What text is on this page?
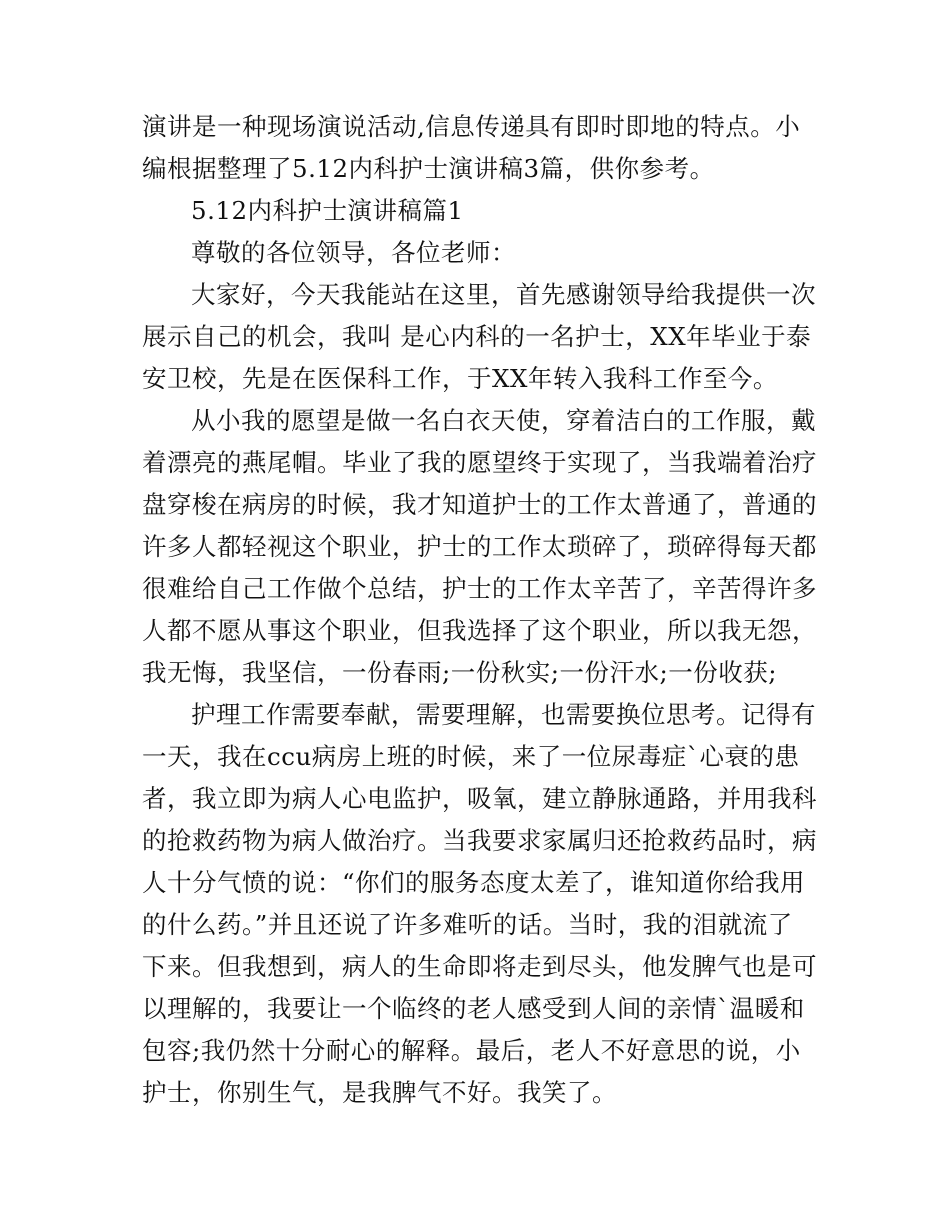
演讲是一种现场演说活动,信息传递具有即时即地的特点。小
编根据整理了5.12内科护士演讲稿3篇，供你参考。

5.12内科护士演讲稿篇1

尊敬的各位领导，各位老师：

大家好，今天我能站在这里，首先感谢领导给我提供一次
展示自己的机会，我叫 是心内科的一名护士，XX年毕业于泰
安卫校，先是在医保科工作，于XX年转入我科工作至今。

从小我的愿望是做一名白衣天使，穿着洁白的工作服，戴
着漂亮的燕尾帽。毕业了我的愿望终于实现了，当我端着治疗
盘穿梭在病房的时候，我才知道护士的工作太普通了，普通的
许多人都轻视这个职业，护士的工作太琐碎了，琐碎得每天都
很难给自己工作做个总结，护士的工作太辛苦了，辛苦得许多
人都不愿从事这个职业，但我选择了这个职业，所以我无怨，
我无悔，我坚信，一份春雨;一份秋实;一份汗水;一份收获;

护理工作需要奉献，需要理解，也需要换位思考。记得有
一天，我在ccu病房上班的时候，来了一位尿毒症`心衰的患
者，我立即为病人心电监护，吸氧，建立静脉通路，并用我科
的抢救药物为病人做治疗。当我要求家属归还抢救药品时，病
人十分气愤的说：“你们的服务态度太差了，谁知道你给我用
的什么药。”并且还说了许多难听的话。当时，我的泪就流了
下来。但我想到，病人的生命即将走到尽头，他发脾气也是可
以理解的，我要让一个临终的老人感受到人间的亲情`温暖和
包容;我仍然十分耐心的解释。最后，老人不好意思的说，小
护士，你别生气，是我脾气不好。我笑了。
